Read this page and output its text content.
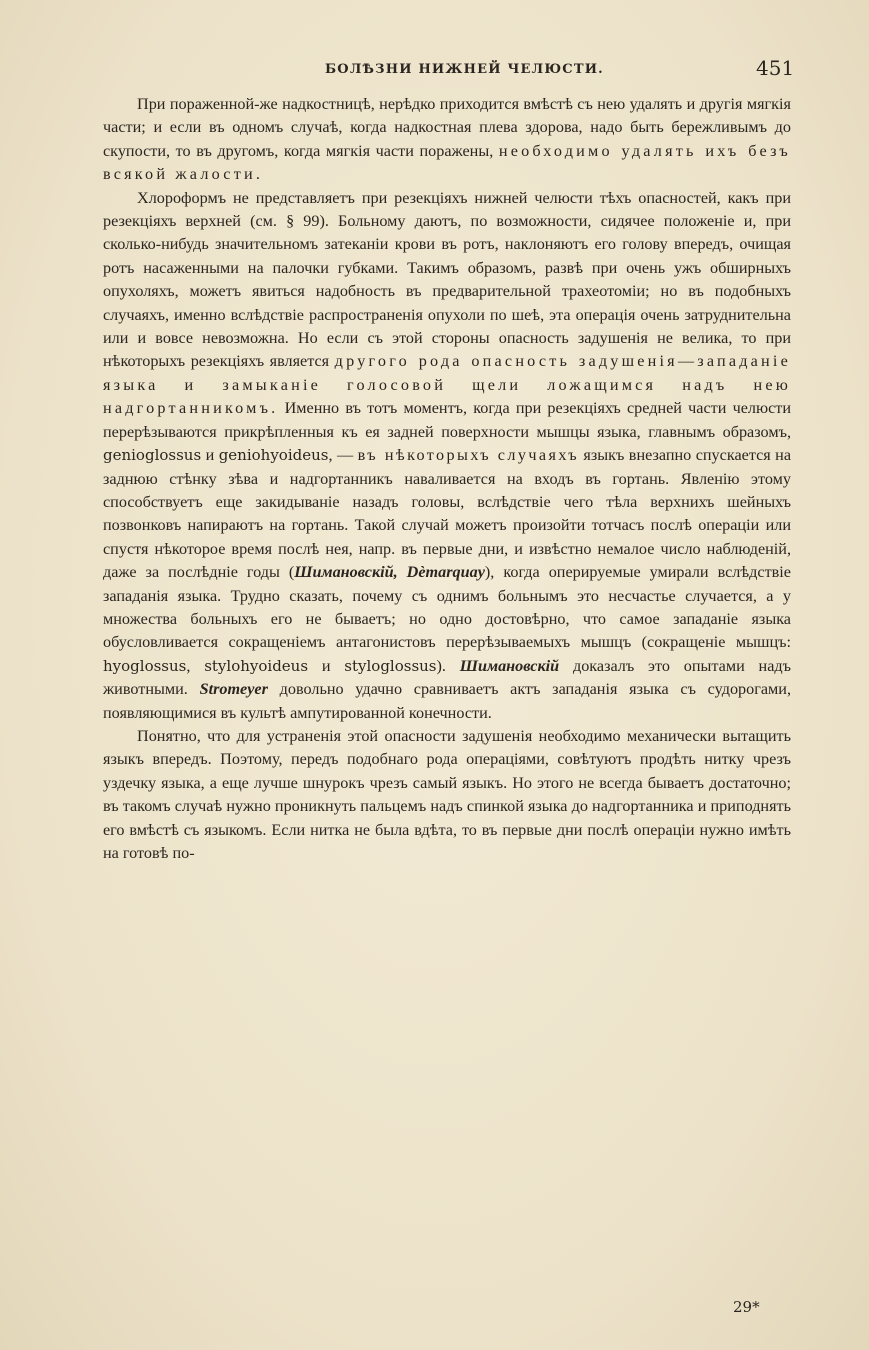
БОЛѢЗНИ НИЖНЕЙ ЧЕЛЮСТИ.	451

При пораженной-же надкостницѣ, нерѣдко приходится вмѣстѣ съ нею удалять и другія мягкія части; и если въ одномъ случаѣ, когда надкостная плева здорова, надо быть бережливымъ до скупости, то въ другомъ, когда мягкія части поражены, необходимо удалять ихъ безъ всякой жалости.

Хлороформъ не представляетъ при резекціяхъ нижней челюсти тѣхъ опасностей, какъ при резекціяхъ верхней (см. § 99). Больному даютъ, по возможности, сидячее положеніе и, при сколько-нибудь значительномъ затеканіи крови въ ротъ, наклоняютъ его голову впередъ, очищая ротъ насаженными на палочки губками. Такимъ образомъ, развѣ при очень ужъ обширныхъ опухоляхъ, можетъ явиться надобность въ предварительной трахеотоміи; но въ подобныхъ случаяхъ, именно вслѣдствіе распространенія опухоли по шеѣ, эта операція очень затруднительна или и вовсе невозможна. Но если съ этой стороны опасность задушенія не велика, то при нѣкоторыхъ резекціяхъ является другого рода опасность задушенія—западаніе языка и замыканіе голосовой щели ложащимся надъ нею надгортанникомъ. Именно въ тотъ моментъ, когда при резекціяхъ средней части челюсти перерѣзываются прикрѣпленныя къ ея задней поверхности мышцы языка, главнымъ образомъ, genioglossus и geniohyoideus, — въ нѣкоторыхъ случаяхъ языкъ внезапно спускается на заднюю стѣнку зѣва и надгортанникъ наваливается на входъ въ гортань. Явленію этому способствуетъ еще закидываніе назадъ головы, вслѣдствіе чего тѣла верхнихъ шейныхъ позвонковъ напираютъ на гортань. Такой случай можетъ произойти тотчасъ послѣ операціи или спустя нѣкоторое время послѣ нея, напр. въ первые дни, и извѣстно немалое число наблюденій, даже за послѣдніе годы (Шимановскій, Dèmarquay), когда оперируемые умирали вслѣдствіе западанія языка. Трудно сказать, почему съ однимъ больнымъ это несчастье случается, а у множества больныхъ его не бываетъ; но одно достовѣрно, что самое западаніе языка обусловливается сокращеніемъ антагонистовъ перерѣзываемыхъ мышцъ (сокращеніе мышцъ: hyoglossus, stylohyoideus и styloglossus). Шимановскій доказалъ это опытами надъ животными. Stromeyer довольно удачно сравниваетъ актъ западанія языка съ судорогами, появляющимися въ культѣ ампутированной конечности.

Понятно, что для устраненія этой опасности задушенія необходимо механически вытащить языкъ впередъ. Поэтому, передъ подобнаго рода операціями, совѣтуютъ продѣть нитку чрезъ уздечку языка, а еще лучше шнурокъ чрезъ самый языкъ. Но этого не всегда бываетъ достаточно; въ такомъ случаѣ нужно проникнуть пальцемъ надъ спинкой языка до надгортанника и приподнять его вмѣстѣ съ языкомъ. Если нитка не была вдѣта, то въ первые дни послѣ операціи нужно имѣть на готовѣ по-

29*
